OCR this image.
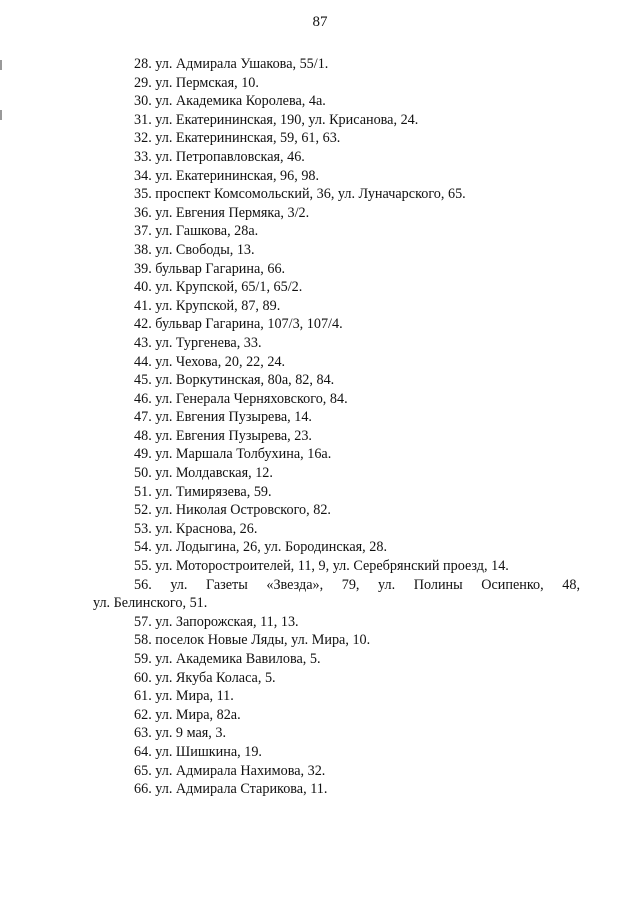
87
28. ул. Адмирала Ушакова, 55/1.
29. ул. Пермская, 10.
30. ул. Академика Королева, 4а.
31. ул. Екатерининская, 190, ул. Крисанова, 24.
32. ул. Екатерининская, 59, 61, 63.
33. ул. Петропавловская, 46.
34. ул. Екатерининская, 96, 98.
35. проспект Комсомольский, 36, ул. Луначарского, 65.
36. ул. Евгения Пермяка, 3/2.
37. ул. Гашкова, 28а.
38. ул. Свободы, 13.
39. бульвар Гагарина, 66.
40. ул. Крупской, 65/1, 65/2.
41. ул. Крупской, 87, 89.
42. бульвар Гагарина, 107/3, 107/4.
43. ул. Тургенева, 33.
44. ул. Чехова, 20, 22, 24.
45. ул. Воркутинская, 80а, 82, 84.
46. ул. Генерала Черняховского, 84.
47. ул. Евгения Пузырева, 14.
48. ул. Евгения Пузырева, 23.
49. ул. Маршала Толбухина, 16а.
50. ул. Молдавская, 12.
51. ул. Тимирязева, 59.
52. ул. Николая Островского, 82.
53. ул. Краснова, 26.
54. ул. Лодыгина, 26, ул. Бородинская, 28.
55. ул. Моторостроителей, 11, 9, ул. Серебрянский проезд, 14.
56. ул. Газеты «Звезда», 79, ул. Полины Осипенко, 48,
ул. Белинского, 51.
57. ул. Запорожская, 11, 13.
58. поселок Новые Ляды, ул. Мира, 10.
59. ул. Академика Вавилова, 5.
60. ул. Якуба Коласа, 5.
61. ул. Мира, 11.
62. ул. Мира, 82а.
63. ул. 9 мая, 3.
64. ул. Шишкина, 19.
65. ул. Адмирала Нахимова, 32.
66. ул. Адмирала Старикова, 11.
